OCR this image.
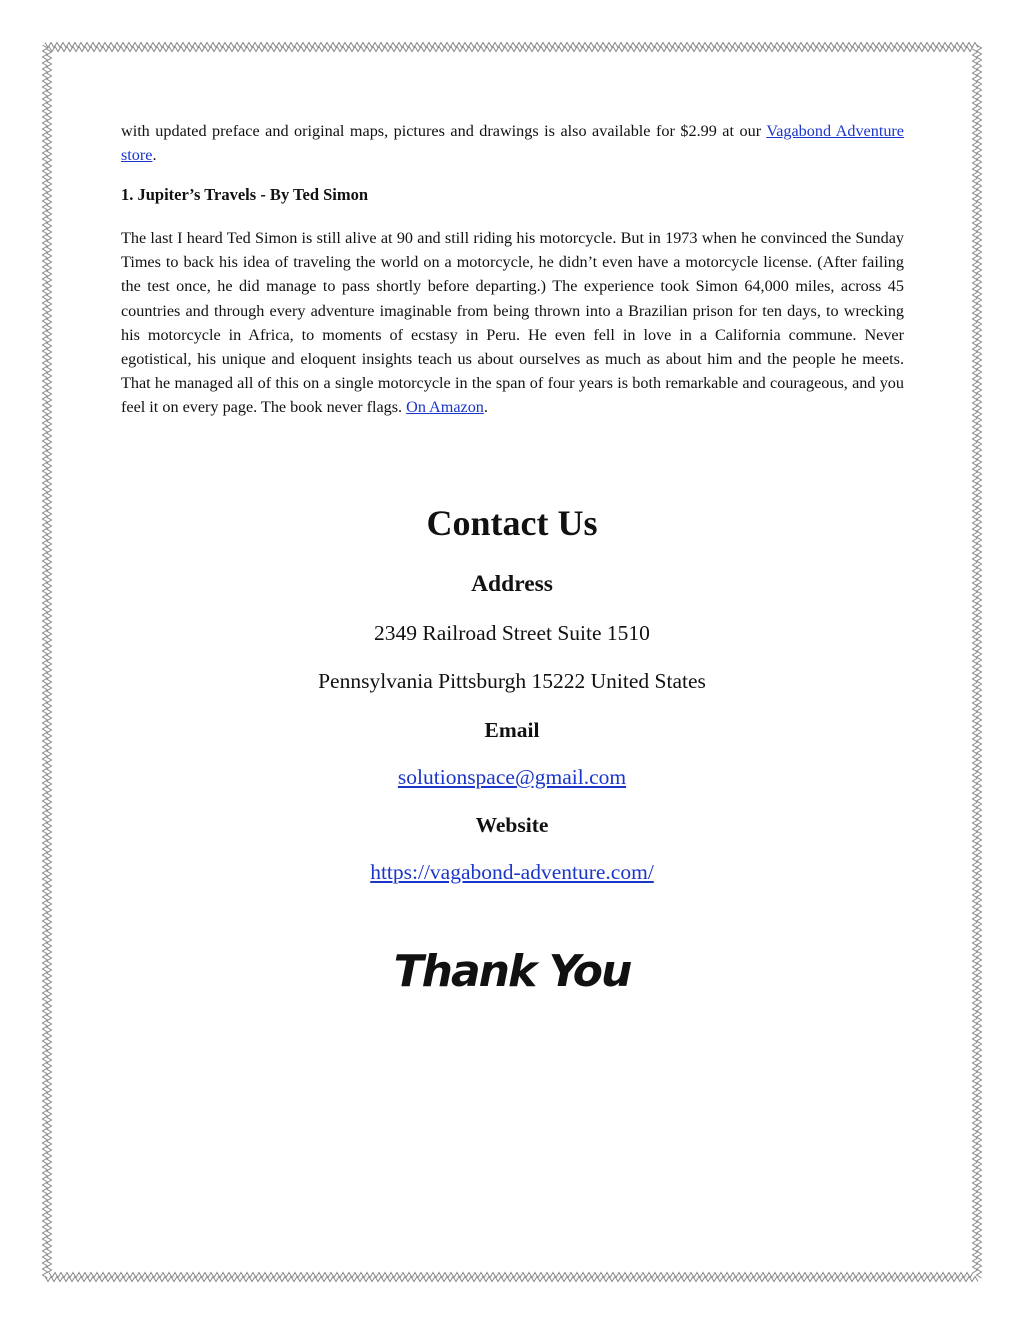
with updated preface and original maps, pictures and drawings is also available for $2.99 at our Vagabond Adventure store.

1. Jupiter’s Travels - By Ted Simon

The last I heard Ted Simon is still alive at 90 and still riding his motorcycle. But in 1973 when he convinced the Sunday Times to back his idea of traveling the world on a motorcycle, he didn’t even have a motorcycle license. (After failing the test once, he did manage to pass shortly before departing.) The experience took Simon 64,000 miles, across 45 countries and through every adventure imaginable from being thrown into a Brazilian prison for ten days, to wrecking his motorcycle in Africa, to moments of ecstasy in Peru. He even fell in love in a California commune. Never egotistical, his unique and eloquent insights teach us about ourselves as much as about him and the people he meets. That he managed all of this on a single motorcycle in the span of four years is both remarkable and courageous, and you feel it on every page. The book never flags. On Amazon.

Contact Us
Address

2349 Railroad Street Suite 1510

Pennsylvania Pittsburgh 15222 United States

Email

solutionspace@gmail.com

Website

https://vagabond-adventure.com/

Thank You
